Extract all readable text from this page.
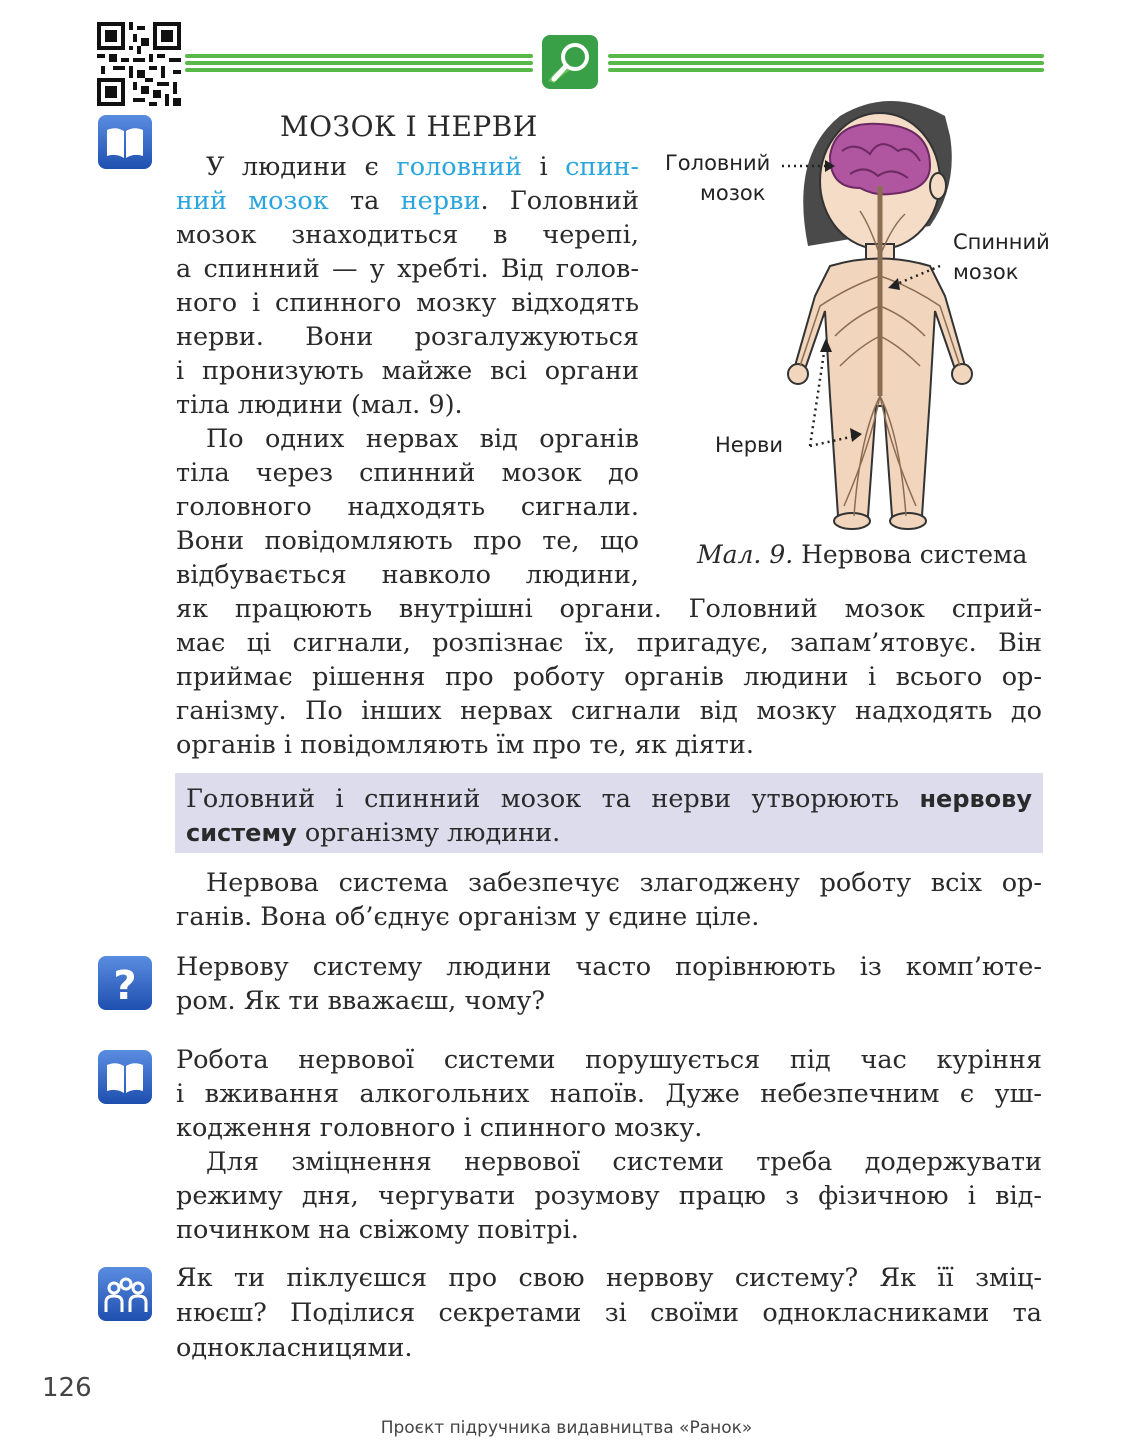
МОЗОК І НЕРВИ
У людини є головний і спин-
ний мозок та нерви. Головний
мозок знаходиться в черепі,
а спинний — у хребті. Від голов-
ного і спинного мозку відходять
нерви. Вони розгалужуються
і пронизують майже всі органи
тіла людини (мал. 9).
По одних нервах від органів
тіла через спинний мозок до
головного надходять сигнали.
Вони повідомляють про те, що
відбувається навколо людини,
як працюють внутрішні органи. Головний мозок сприй-
має ці сигнали, розпізнає їх, пригадує, запам’ятовує. Він
приймає рішення про роботу органів людини і всього ор-
ганізму. По інших нервах сигнали від мозку надходять до
органів і повідомляють їм про те, як діяти.
Головний
мозок
Спинний
мозок
Нерви
Мал. 9. Нервова система
Головний і спинний мозок та нерви утворюють нервову
систему організму людини.
Нервова система забезпечує злагоджену роботу всіх ор-
ганів. Вона об’єднує організм у єдине ціле.
? Нервову систему людини часто порівнюють із комп’юте-
ром. Як ти вважаєш, чому?
Робота нервової системи порушується під час куріння
і вживання алкогольних напоїв. Дуже небезпечним є уш-
кодження головного і спинного мозку.
Для зміцнення нервової системи треба додержувати
режиму дня, чергувати розумову працю з фізичною і від-
починком на свіжому повітрі.
Як ти піклуєшся про свою нервову систему? Як її зміц-
нюєш? Поділися секретами зі своїми однокласниками та
однокласницями.
126
Проєкт підручника видавництва «Ранок»
